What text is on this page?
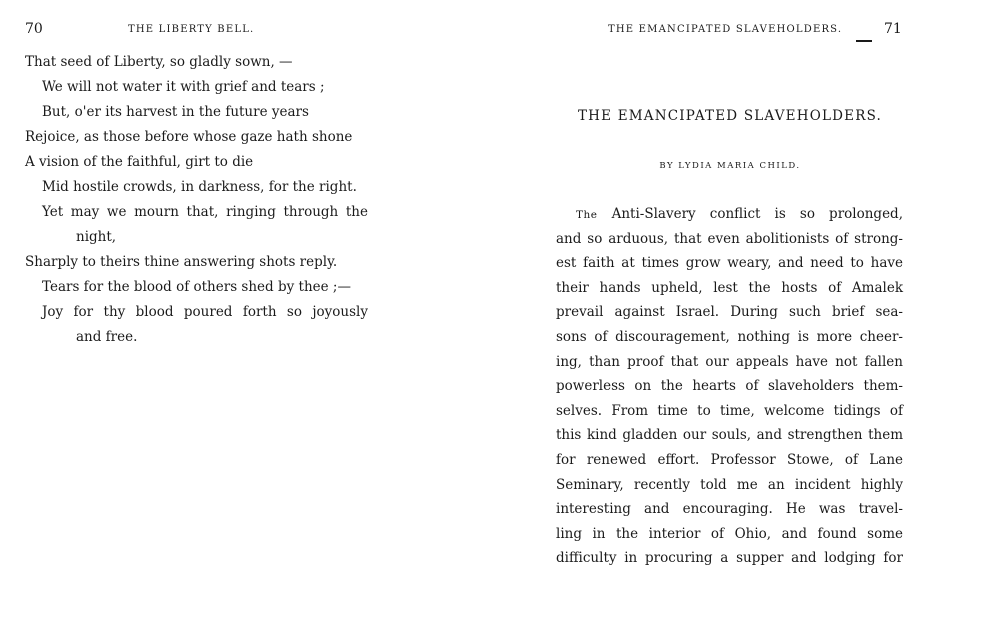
70	THE LIBERTY BELL.
That seed of Liberty, so gladly sown, —
We will not water it with grief and tears ;
But, o'er its harvest in the future years
Rejoice, as those before whose gaze hath shone
A vision of the faithful, girt to die
Mid hostile crowds, in darkness, for the right.
Yet may we mourn that, ringing through the
night,
Sharply to theirs thine answering shots reply.
Tears for the blood of others shed by thee ;—
Joy for thy blood poured forth so joyously
and free.
THE EMANCIPATED SLAVEHOLDERS.	71
THE EMANCIPATED SLAVEHOLDERS.
BY LYDIA MARIA CHILD.
The Anti-Slavery conflict is so prolonged,
and so arduous, that even abolitionists of strong-
est faith at times grow weary, and need to have
their hands upheld, lest the hosts of Amalek
prevail against Israel. During such brief sea-
sons of discouragement, nothing is more cheer-
ing, than proof that our appeals have not fallen
powerless on the hearts of slaveholders them-
selves. From time to time, welcome tidings of
this kind gladden our souls, and strengthen them
for renewed effort. Professor Stowe, of Lane
Seminary, recently told me an incident highly
interesting and encouraging. He was travel-
ling in the interior of Ohio, and found some
difficulty in procuring a supper and lodging for
